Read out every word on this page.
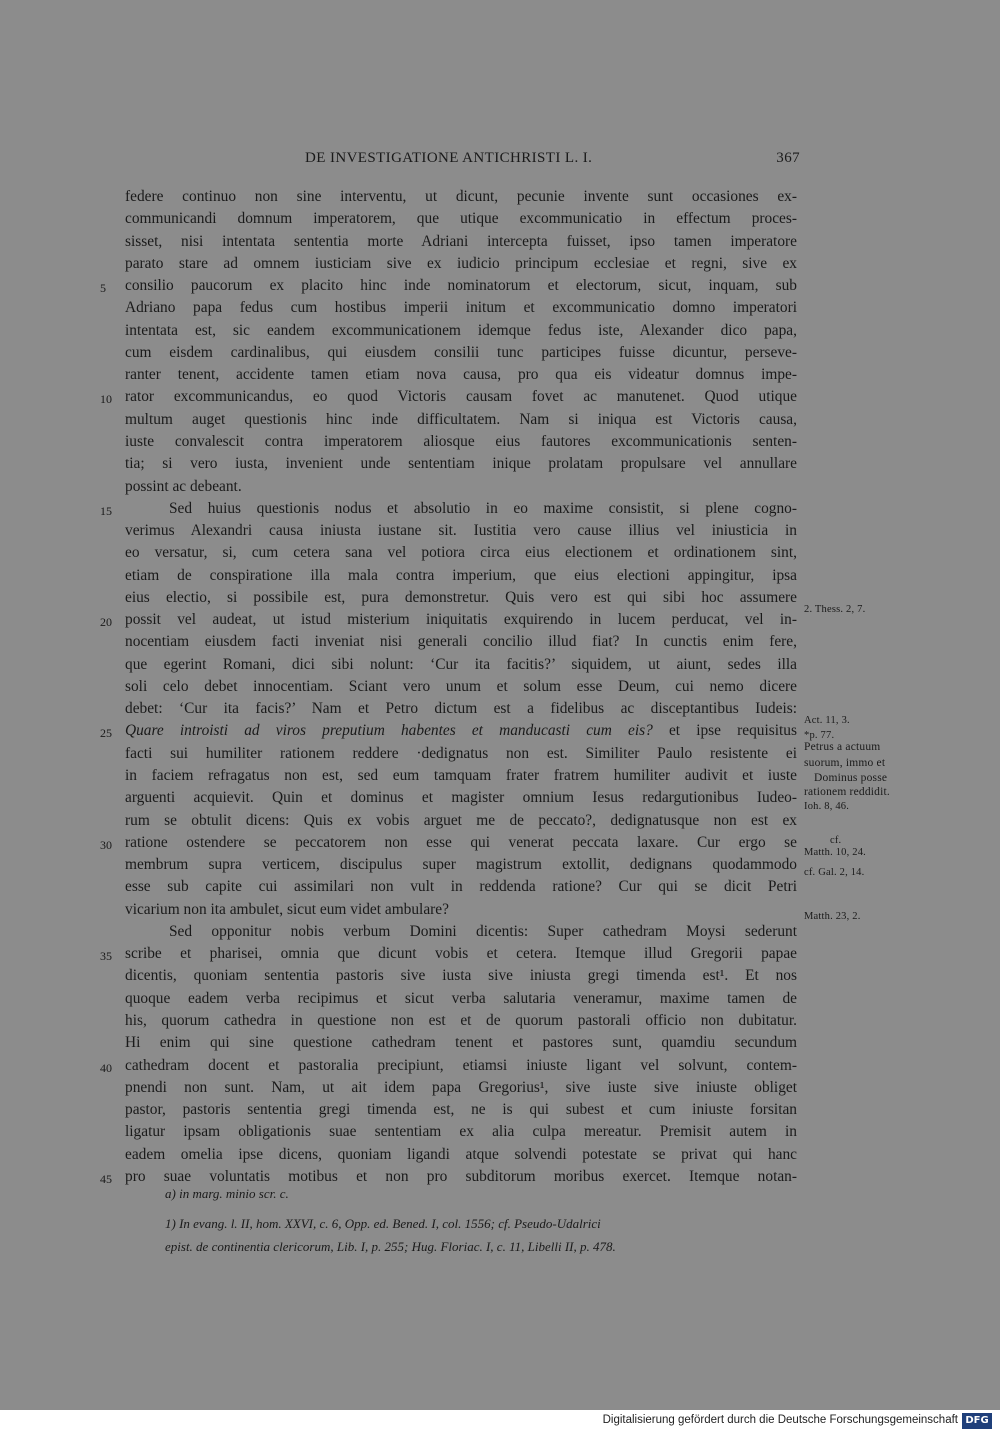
DE INVESTIGATIONE ANTICHRISTI L. I.	367
federe continuo non sine interventu, ut dicunt, pecunie invente sunt occasiones ex-
communicandi domnum imperatorem, que utique excommunicatio in effectum proces-
sisset, nisi intentata sententia morte Adriani intercepta fuisset, ipso tamen imperatore
parato stare ad omnem iusticiam sive ex iudicio principum ecclesiae et regni, sive ex
5	consilio paucorum ex placito hinc inde nominatorum et electorum, sicut, inquam, sub
Adriano papa fedus cum hostibus imperii initum et excommunicatio domno imperatori
intentata est, sic eandem excommunicationem idemque fedus iste, Alexander dico papa,
cum eisdem cardinalibus, qui eiusdem consilii tunc participes fuisse dicuntur, perseve-
ranter tenent, accidente tamen etiam nova causa, pro qua eis videatur domnus impe-
10 rator excommunicandus, eo quod Victoris causam fovet ac manutenet. Quod utique
multum auget questionis hinc inde difficultatem. Nam si iniqua est Victoris causa,
iuste convalescit contra imperatorem aliosque eius fautores excommunicationis senten-
tia; si vero iusta, invenient unde sententiam inique prolatam propulsare vel annullare
possint ac debeant.
15	Sed huius questionis nodus et absolutio in eo maxime consistit, si plene cogno-
verimus Alexandri causa iniusta iustane sit. Iustitia vero cause illius vel iniusticia in
eo versatur, si, cum cetera sana vel potiora circa eius electionem et ordinationem sint,
etiam de conspiratione illa mala contra imperium, que eius electioni appingitur, ipsa
eius electio, si possibile est, pura demonstretur. Quis vero est qui sibi hoc assumere
20 possit vel audeat, ut istud misterium iniquitatis exquirendo in lucem perducat, vel in-
nocentiam eiusdem facti inveniat nisi generali concilio illud fiat? In cunctis enim fere,
que egerint Romani, dici sibi nolunt: ‘Cur ita facitis?’ siquidem, ut aiunt, sedes illa
soli celo debet innocentiam. Sciant vero unum et solum esse Deum, cui nemo dicere
debet: ‘Cur ita facis?’ Nam et Petro dictum est a fidelibus ac disceptantibus Iudeis:
25 Quare introisti ad viros preputium habentes et manducasti cum eis? et ipse requisitus
facti sui humiliter rationem reddere ·dedignatus non est. Similiter Paulo resistente ei
in faciem refragatus non est, sed eum tamquam frater fratrem humiliter audivit et iuste
arguenti acquievit. Quin et dominus et magister omnium Iesus redargutionibus Iudeo-
rum se obtulit dicens: Quis ex vobis arguet me de peccato?, dedignatusque non est ex
30 ratione ostendere se peccatorem non esse qui venerat peccata laxare. Cur ergo se
membrum supra verticem, discipulus super magistrum extollit, dedignans quodammodo
esse sub capite cui assimilari non vult in reddenda ratione? Cur qui se dicit Petri
vicarium non ita ambulet, sicut eum videt ambulare?
Sed opponitur nobis verbum Domini dicentis: Super cathedram Moysi sederunt
35 scribe et pharisei, omnia que dicunt vobis et cetera. Itemque illud Gregorii papae
dicentis, quoniam sententia pastoris sive iusta sive iniusta gregi timenda est¹. Et nos
quoque eadem verba recipimus et sicut verba salutaria veneramur, maxime tamen de
his, quorum cathedra in questione non est et de quorum pastorali officio non dubitatur.
Hi enim qui sine questione cathedram tenent et pastores sunt, quamdiu secundum
40 cathedram docent et pastoralia precipiunt, etiamsi iniuste ligant vel solvunt, contem-
pnendi non sunt. Nam, ut ait idem papa Gregorius¹, sive iuste sive iniuste obliget
pastor, pastoris sententia gregi timenda est, ne is qui subest et cum iniuste forsitan
ligatur ipsam obligationis suae sententiam ex alia culpa mereatur. Premisit autem in
eadem omelia ipse dicens, quoniam ligandi atque solvendi potestate se privat qui hanc
45 pro suae voluntatis motibus et non pro subditorum moribus exercet. Itemque notan-
2. Thess. 2, 7.
Act. 11, 3.
*p. 77.
Petrus a actuum
suorum, immo et
Dominus posse
rationem reddidit.
Ioh. 8, 46.
cf.
Matth. 10, 24.
cf. Gal. 2, 14.
Matth. 23, 2.
a) in marg. minio scr. c.
1) In evang. l. II, hom. XXVI, c. 6, Opp. ed. Bened. I, col. 1556; cf. Pseudo-Udalrici
epist. de continentia clericorum, Lib. I, p. 255; Hug. Floriac. I, c. 11, Libelli II, p. 478.
Digitalisierung gefördert durch die Deutsche Forschungsgemeinschaft DFG
